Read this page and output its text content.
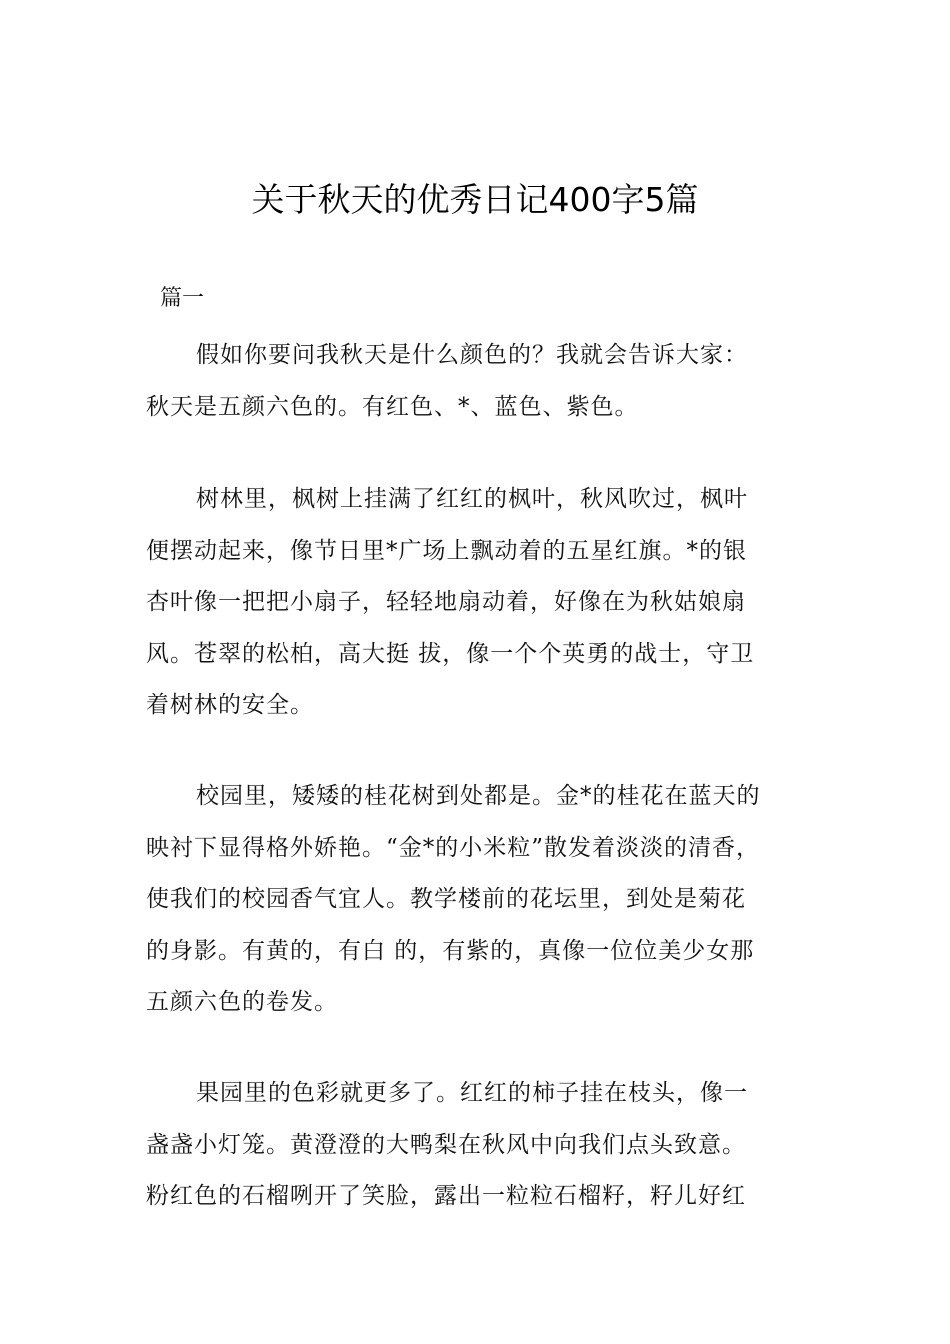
关于秋天的优秀日记400字5篇
篇一
假如你要问我秋天是什么颜色的？我就会告诉大家：
秋天是五颜六色的。有红色、*、蓝色、紫色。
树林里，枫树上挂满了红红的枫叶，秋风吹过，枫叶
便摆动起来，像节日里*广场上飘动着的五星红旗。*的银
杏叶像一把把小扇子，轻轻地扇动着，好像在为秋姑娘扇
风。苍翠的松柏，高大挺 拔，像一个个英勇的战士，守卫
着树林的安全。
校园里，矮矮的桂花树到处都是。金*的桂花在蓝天的
映衬下显得格外娇艳。“金*的小米粒”散发着淡淡的清香，
使我们的校园香气宜人。教学楼前的花坛里，到处是菊花
的身影。有黄的，有白 的，有紫的，真像一位位美少女那
五颜六色的卷发。
果园里的色彩就更多了。红红的柿子挂在枝头，像一
盏盏小灯笼。黄澄澄的大鸭梨在秋风中向我们点头致意。
粉红色的石榴咧开了笑脸，露出一粒粒石榴籽，籽儿好红
